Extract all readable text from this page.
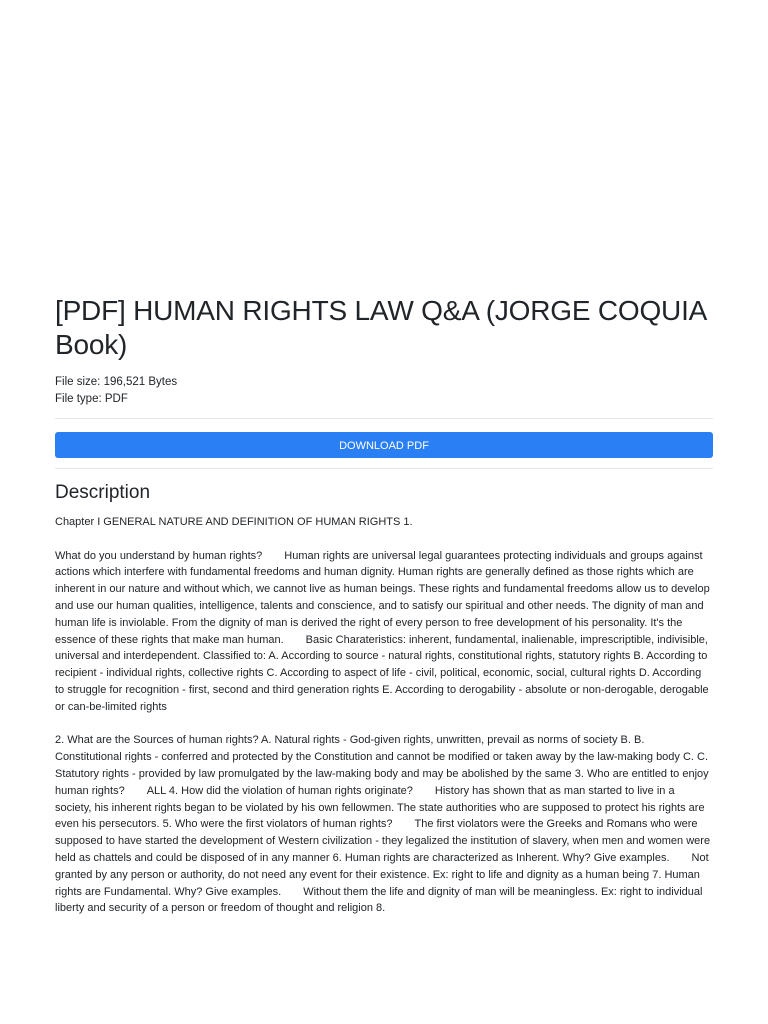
[PDF] HUMAN RIGHTS LAW Q&A (JORGE COQUIA Book)
File size: 196,521 Bytes
File type: PDF
DOWNLOAD PDF
Description

Chapter I GENERAL NATURE AND DEFINITION OF HUMAN RIGHTS 1.

What do you understand by human rights?  Human rights are universal legal guarantees protecting individuals and groups against actions which interfere with fundamental freedoms and human dignity. Human rights are generally defined as those rights which are inherent in our nature and without which, we cannot live as human beings. These rights and fundamental freedoms allow us to develop and use our human qualities, intelligence, talents and conscience, and to satisfy our spiritual and other needs. The dignity of man and human life is inviolable. From the dignity of man is derived the right of every person to free development of his personality. It's the essence of these rights that make man human.  Basic Charateristics: inherent, fundamental, inalienable, imprescriptible, indivisible, universal and interdependent. Classified to: A. According to source - natural rights, constitutional rights, statutory rights B. According to recipient - individual rights, collective rights C. According to aspect of life - civil, political, economic, social, cultural rights D. According to struggle for recognition - first, second and third generation rights E. According to derogability - absolute or non-derogable, derogable or can-be-limited rights

2. What are the Sources of human rights? A. Natural rights - God-given rights, unwritten, prevail as norms of society B. B. Constitutional rights - conferred and protected by the Constitution and cannot be modified or taken away by the law-making body C. C. Statutory rights - provided by law promulgated by the law-making body and may be abolished by the same 3. Who are entitled to enjoy human rights?  ALL 4. How did the violation of human rights originate?  History has shown that as man started to live in a society, his inherent rights began to be violated by his own fellowmen. The state authorities who are supposed to protect his rights are even his persecutors. 5. Who were the first violators of human rights?  The first violators were the Greeks and Romans who were supposed to have started the development of Western civilization - they legalized the institution of slavery, when men and women were held as chattels and could be disposed of in any manner 6. Human rights are characterized as Inherent. Why? Give examples.  Not granted by any person or authority, do not need any event for their existence. Ex: right to life and dignity as a human being 7. Human rights are Fundamental. Why? Give examples.  Without them the life and dignity of man will be meaningless. Ex: right to individual liberty and security of a person or freedom of thought and religion 8.
